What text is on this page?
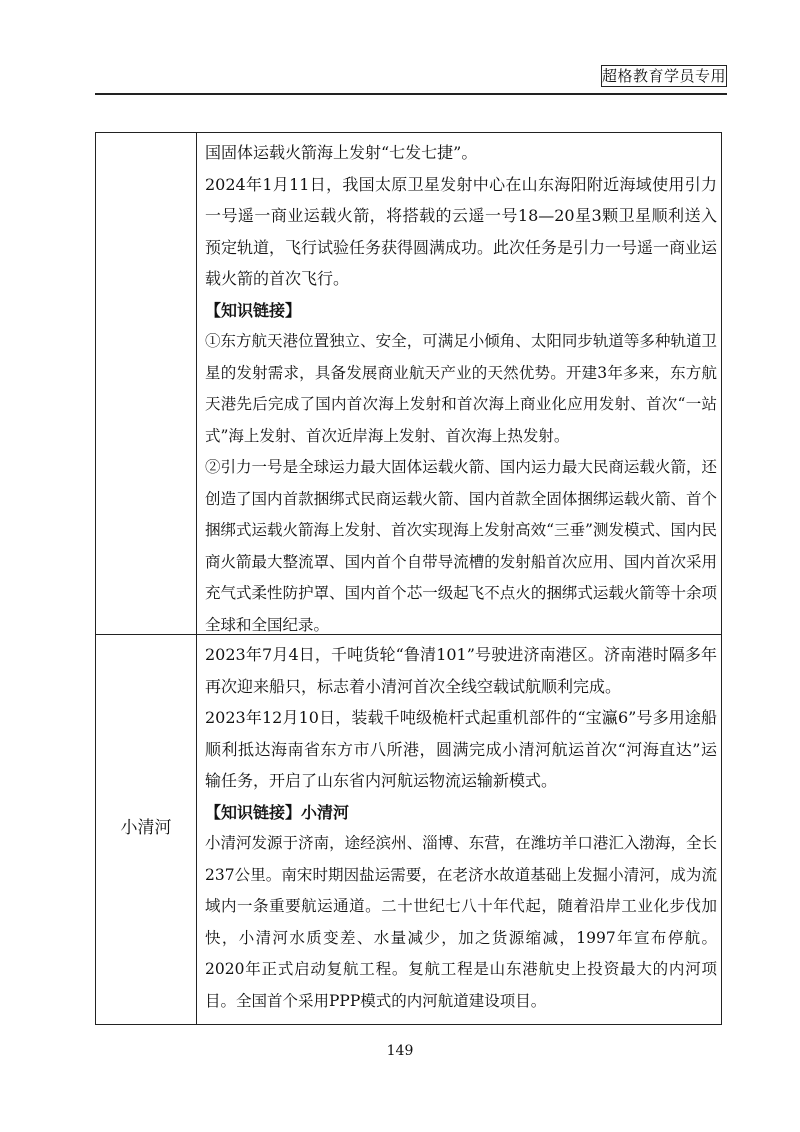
超格教育学员专用

国固体运载火箭海上发射“七发七捷”。

2024年1月11日，我国太原卫星发射中心在山东海阳附近海域使用引力一号遥一商业运载火箭，将搭载的云遥一号18—20星3颗卫星顺利送入预定轨道，飞行试验任务获得圆满成功。此次任务是引力一号遥一商业运载火箭的首次飞行。

【知识链接】

①东方航天港位置独立、安全，可满足小倾角、太阳同步轨道等多种轨道卫星的发射需求，具备发展商业航天产业的天然优势。开建3年多来，东方航天港先后完成了国内首次海上发射和首次海上商业化应用发射、首次“一站式”海上发射、首次近岸海上发射、首次海上热发射。

②引力一号是全球运力最大固体运载火箭、国内运力最大民商运载火箭，还创造了国内首款捆绑式民商运载火箭、国内首款全固体捆绑运载火箭、首个捆绑式运载火箭海上发射、首次实现海上发射高效“三垂”测发模式、国内民商火箭最大整流罩、国内首个自带导流槽的发射船首次应用、国内首次采用充气式柔性防护罩、国内首个芯一级起飞不点火的捆绑式运载火箭等十余项全球和全国纪录。

小清河

2023年7月4日，千吨货轮“鲁清101”号驶进济南港区。济南港时隔多年再次迎来船只，标志着小清河首次全线空载试航顺利完成。

2023年12月10日，装载千吨级桅杆式起重机部件的“宝瀛6”号多用途船顺利抵达海南省东方市八所港，圆满完成小清河航运首次“河海直达”运输任务，开启了山东省内河航运物流运输新模式。

【知识链接】小清河

小清河发源于济南，途经滨州、淄博、东营，在潍坊羊口港汇入渤海，全长237公里。南宋时期因盐运需要，在老济水故道基础上发掘小清河，成为流域内一条重要航运通道。二十世纪七八十年代起，随着沿岸工业化步伐加快，小清河水质变差、水量减少，加之货源缩减，1997年宣布停航。2020年正式启动复航工程。复航工程是山东港航史上投资最大的内河项目。全国首个采用PPP模式的内河航道建设项目。

149
